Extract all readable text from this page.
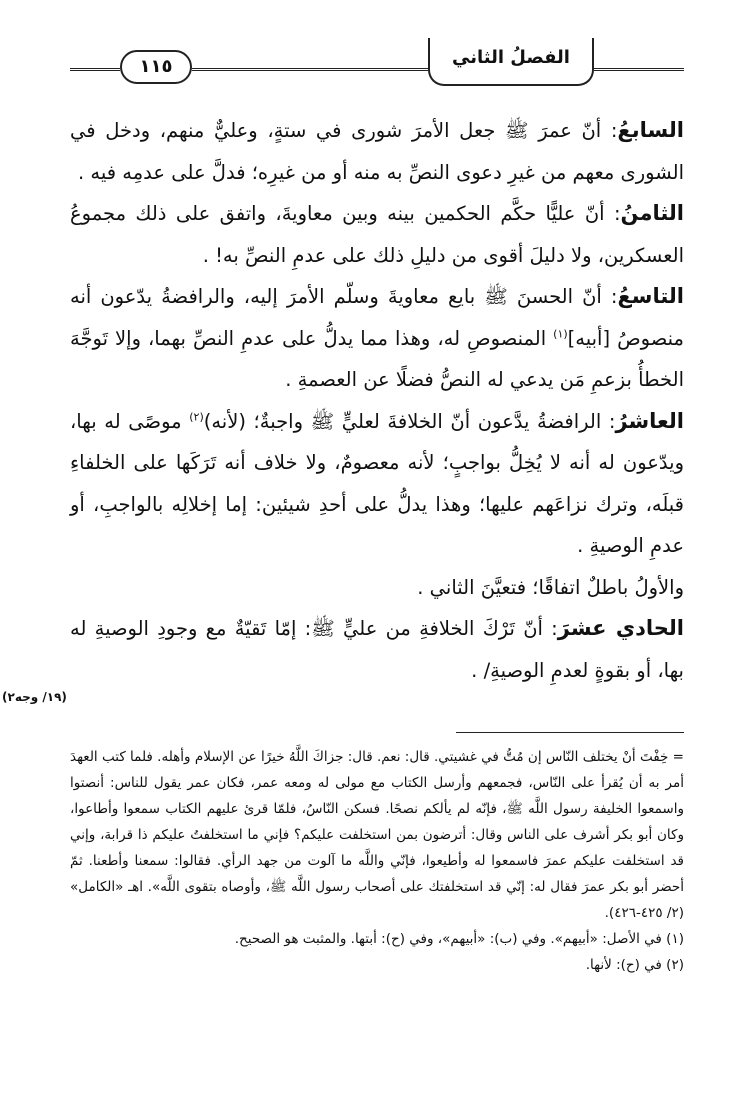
١١٥	الفصلُ الثاني

السابعُ: أنّ عمرَ ﷺ جعل الأمرَ شورى في ستةٍ، وعليٌّ منهم، ودخل في الشورى معهم من غيرِ دعوى النصِّ به منه أو من غيرِه؛ فدلَّ على عدمِه فيه .

الثامنُ: أنّ عليًّا حكَّم الحكمين بينه وبين معاويةَ، واتفق على ذلك مجموعُ العسكرين، ولا دليلَ أقوى من دليلِ ذلك على عدمِ النصِّ به! .

التاسعُ: أنّ الحسنَ ﷺ بايع معاويةَ وسلّم الأمرَ إليه، والرافضةُ يدّعون أنه منصوصُ [أبيه]$^{(١)}$ المنصوصِ له، وهذا مما يدلُّ على عدمِ النصِّ بهما، وإلا تَوجَّهَ الخطأُ بزعمِ مَن يدعي له النصُّ فضلًا عن العصمةِ .

العاشرُ: الرافضةُ يدَّعون أنّ الخلافةَ لعليٍّ ﷺ واجبةٌ؛ (لأنه)$^{(٢)}$ موصًى له بها، ويدّعون له أنه لا يُخِلُّ بواجبٍ؛ لأنه معصومٌ، ولا خلاف أنه تَرَكَها على الخلفاءِ قبلَه، وترك نزاعَهم عليها؛ وهذا يدلُّ على أحدِ شيئين: إما إخلالِه بالواجبِ، أو عدمِ الوصيةِ .

والأولُ باطلٌ اتفاقًا؛ فتعيَّنَ الثاني .

الحادي عشرَ: أنّ تَرْكَ الخلافةِ من عليٍّ ﷺ: إمّا تَقيّةٌ مع وجودِ الوصيةِ له بها، أو بقوةٍ لعدمِ الوصيةِ/ .

(١٩/ وجه٢)

= خِفْتَ أنْ يختلف النّاس إن مُتُّ في غشيتي. قال: نعم. قال: جزاكَ اللَّهُ خيرًا عن الإسلام وأهله. فلما كتب العهدَ أمر به أن يُقرأ على النّاس، فجمعهم وأرسل الكتاب مع مولى له ومعه عمر، فكان عمر يقول للناس: أنصتوا واسمعوا الخليفة رسول اللَّه ﷺ، فإنّه لم يألكم نصحًا. فسكن النّاسُ، فلمّا قرئ عليهم الكتاب سمعوا وأطاعوا، وكان أبو بكر أشرف على الناس وقال: أترضون بمن استخلفت عليكم؟ فإني ما استخلفتُ عليكم ذا قرابة، وإني قد استخلفت عليكم عمرَ فاسمعوا له وأطيعوا، فإنّي واللَّه ما آلوت من جهد الرأي. فقالوا: سمعنا وأطعنا. ثمّ أحضر أبو بكر عمرَ فقال له: إنّي قد استخلفتك على أصحاب رسول اللَّه ﷺ، وأوصاه بتقوى اللَّه». اهـ «الكامل» (٢/ ٤٢٥-٤٢٦).

(١) في الأصل: «أبيهم». وفي (ب): «أبيهم»، وفي (ح): أبتها. والمثبت هو الصحيح.

(٢) في (ح): لأنها.
